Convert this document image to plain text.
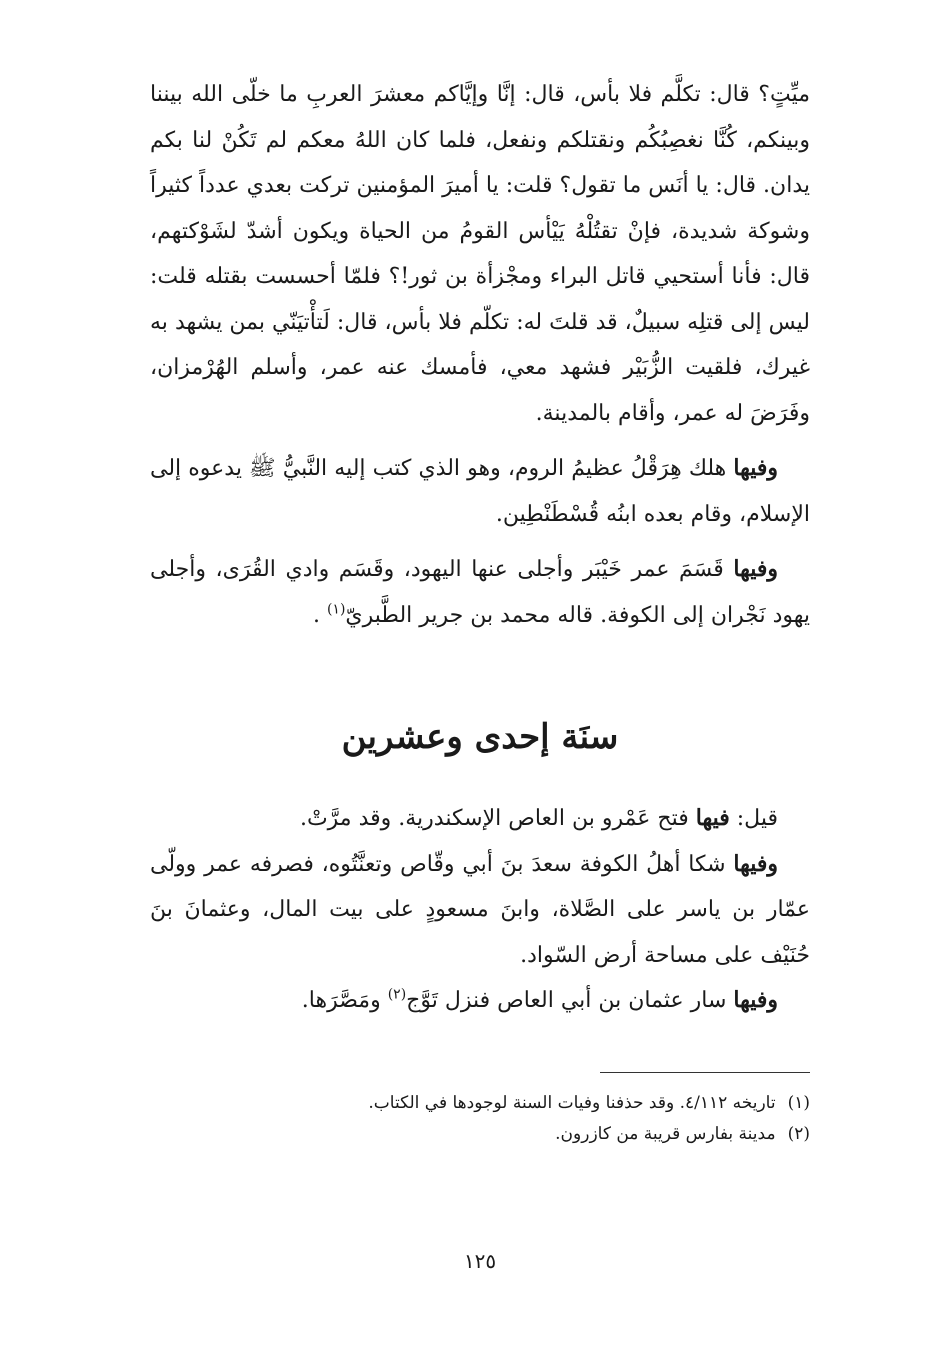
ميِّتٍ؟ قال: تكلَّم فلا بأس، قال: إنَّا وإيَّاكم معشرَ العربِ ما خلّى الله بيننا وبينكم، كُنَّا نغصِبُكُم ونقتلكم ونفعل، فلما كان اللهُ معكم لم تَكُنْ لنا بكم يدان. قال: يا أنَس ما تقول؟ قلت: يا أميرَ المؤمنين تركت بعدي عدداً كثيراً وشوكة شديدة، فإنْ تقتُلْهُ يَيْأس القومُ من الحياة ويكون أشدّ لشَوْكتهم، قال: فأنا أستحيي قاتل البراء ومجْزأة بن ثور!؟ فلمّا أحسست بقتله قلت: ليس إلى قتلِه سبيلٌ، قد قلتَ له: تكلّم فلا بأس، قال: لَتأْتيَنّي بمن يشهد به غيرك، فلقيت الزُّبَيْر فشهد معي، فأمسك عنه عمر، وأسلم الهُرْمزان، وفَرَضَ له عمر، وأقام بالمدينة.

وفيها هلك هِرَقْلُ عظيمُ الروم، وهو الذي كتب إليه النَّبيُّ ﷺ يدعوه إلى الإسلام، وقام بعده ابنُه قُسْطَنْطِين.

وفيها قَسَمَ عمر خَيْبَر وأجلى عنها اليهود، وقَسَم وادي القُرَى، وأجلى يهود نَجْران إلى الكوفة. قاله محمد بن جرير الطَّبريّ$^{(١)}$ .

سنَة إحدى وعشرين

قيل: فيها فتح عَمْرو بن العاص الإسكندرية. وقد مرَّتْ.

وفيها شكا أهلُ الكوفة سعدَ بنَ أبي وقّاص وتعنَّتُوه، فصرفه عمر وولّى عمّار بن ياسر على الصَّلاة، وابنَ مسعودٍ على بيت المال، وعثمانَ بنَ حُنَيْف على مساحة أرض السّواد.

وفيها سار عثمان بن أبي العاص فنزل تَوَّج$^{(٢)}$ ومَصَّرَها.

(١)تاريخه ٤/١١٢. وقد حذفنا وفيات السنة لوجودها في الكتاب.

(٢)مدينة بفارس قريبة من كازرون.

١٢٥
